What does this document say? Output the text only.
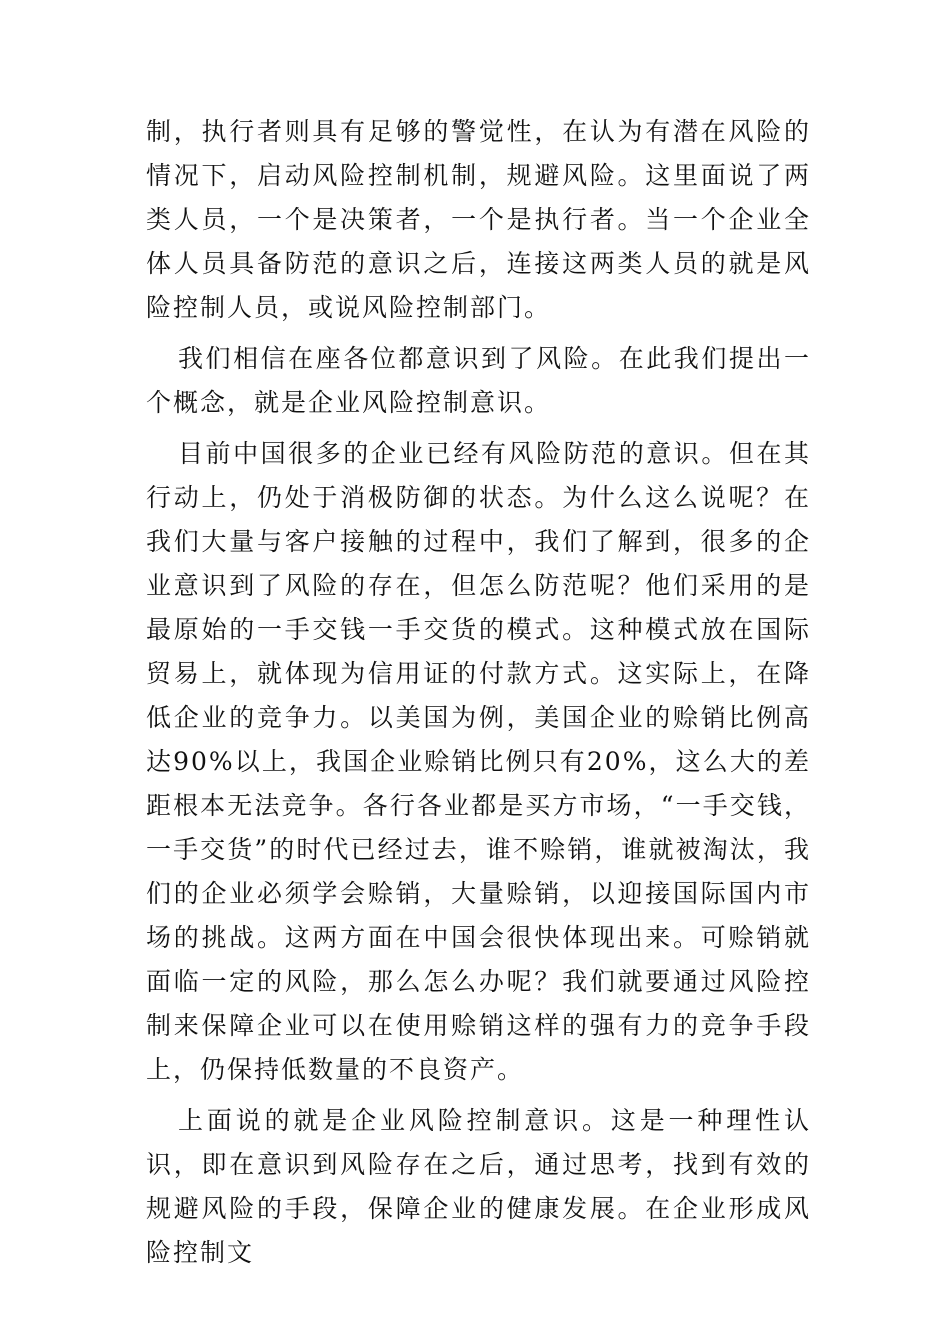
制，执行者则具有足够的警觉性，在认为有潜在风险的情况下，启动风险控制机制，规避风险。这里面说了两类人员，一个是决策者，一个是执行者。当一个企业全体人员具备防范的意识之后，连接这两类人员的就是风险控制人员，或说风险控制部门。

我们相信在座各位都意识到了风险。在此我们提出一个概念，就是企业风险控制意识。

目前中国很多的企业已经有风险防范的意识。但在其行动上，仍处于消极防御的状态。为什么这么说呢？在我们大量与客户接触的过程中，我们了解到，很多的企业意识到了风险的存在，但怎么防范呢？他们采用的是最原始的一手交钱一手交货的模式。这种模式放在国际贸易上，就体现为信用证的付款方式。这实际上，在降低企业的竞争力。以美国为例，美国企业的赊销比例高达90%以上，我国企业赊销比例只有20%，这么大的差距根本无法竞争。各行各业都是买方市场，“一手交钱，一手交货”的时代已经过去，谁不赊销，谁就被淘汰，我们的企业必须学会赊销，大量赊销，以迎接国际国内市场的挑战。这两方面在中国会很快体现出来。可赊销就面临一定的风险，那么怎么办呢？我们就要通过风险控制来保障企业可以在使用赊销这样的强有力的竞争手段上，仍保持低数量的不良资产。

上面说的就是企业风险控制意识。这是一种理性认识，即在意识到风险存在之后，通过思考，找到有效的规避风险的手段，保障企业的健康发展。在企业形成风险控制文
